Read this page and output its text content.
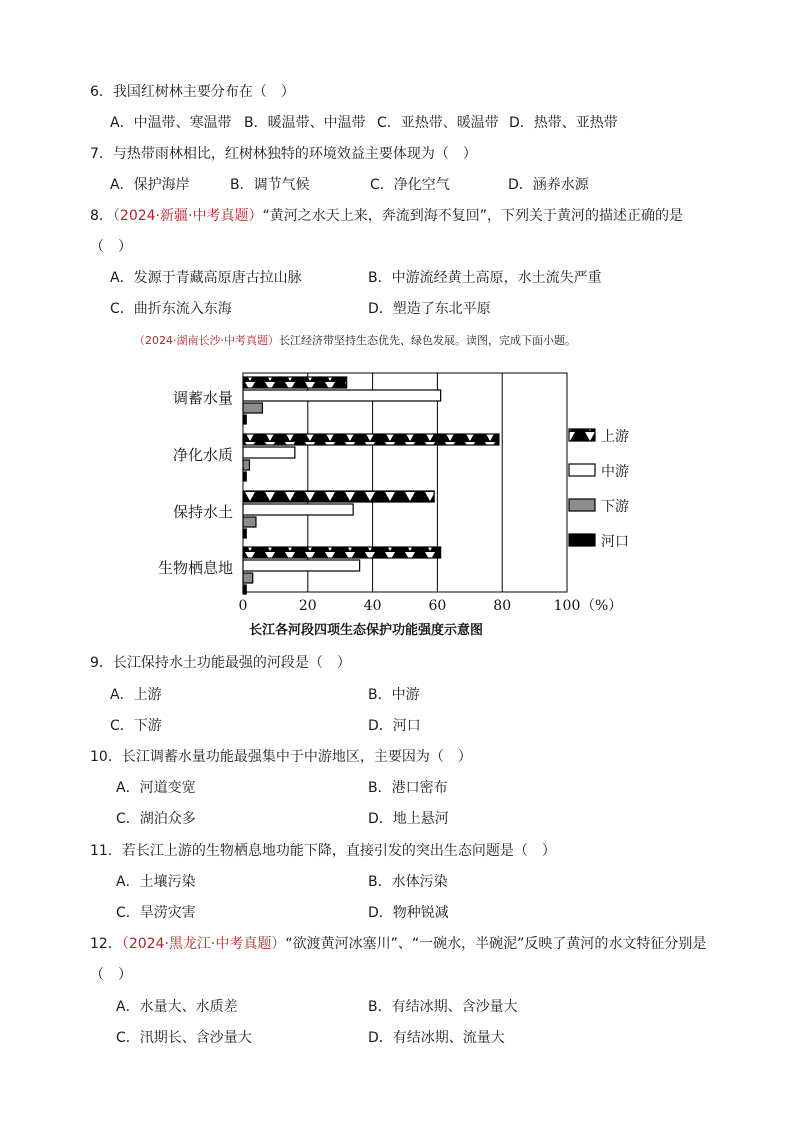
6．我国红树林主要分布在（　）
A．中温带、寒温带 B．暖温带、中温带 C．亚热带、暖温带 D．热带、亚热带
7．与热带雨林相比，红树林独特的环境效益主要体现为（　）
A．保护海岸	B．调节气候	C．净化空气	D．涵养水源
8．（2024·新疆·中考真题）“黄河之水天上来，奔流到海不复回”，下列关于黄河的描述正确的是
（　）
A．发源于青藏高原唐古拉山脉	B．中游流经黄土高原，水土流失严重
C．曲折东流入东海	D．塑造了东北平原
（2024·湖南长沙·中考真题）长江经济带坚持生态优先、绿色发展。读图，完成下面小题。
0	20	40	60	80	100 （%）
调蓄水量
净化水质
保持水土
生物栖息地
上游
中游
下游
河口
长江各河段四项生态保护功能强度示意图
9．长江保持水土功能最强的河段是（　）
A．上游	B．中游
C．下游	D．河口
10．长江调蓄水量功能最强集中于中游地区，主要因为（　）
A．河道变宽	B．港口密布
C．湖泊众多	D．地上悬河
11．若长江上游的生物栖息地功能下降，直接引发的突出生态问题是（　）
A．土壤污染	B．水体污染
C．旱涝灾害	D．物种锐减
12．（2024·黑龙江·中考真题）“欲渡黄河冰塞川”、“一碗水，半碗泥”反映了黄河的水文特征分别是
（　）
A．水量大、水质差	B．有结冰期、含沙量大
C．汛期长、含沙量大	D．有结冰期、流量大
